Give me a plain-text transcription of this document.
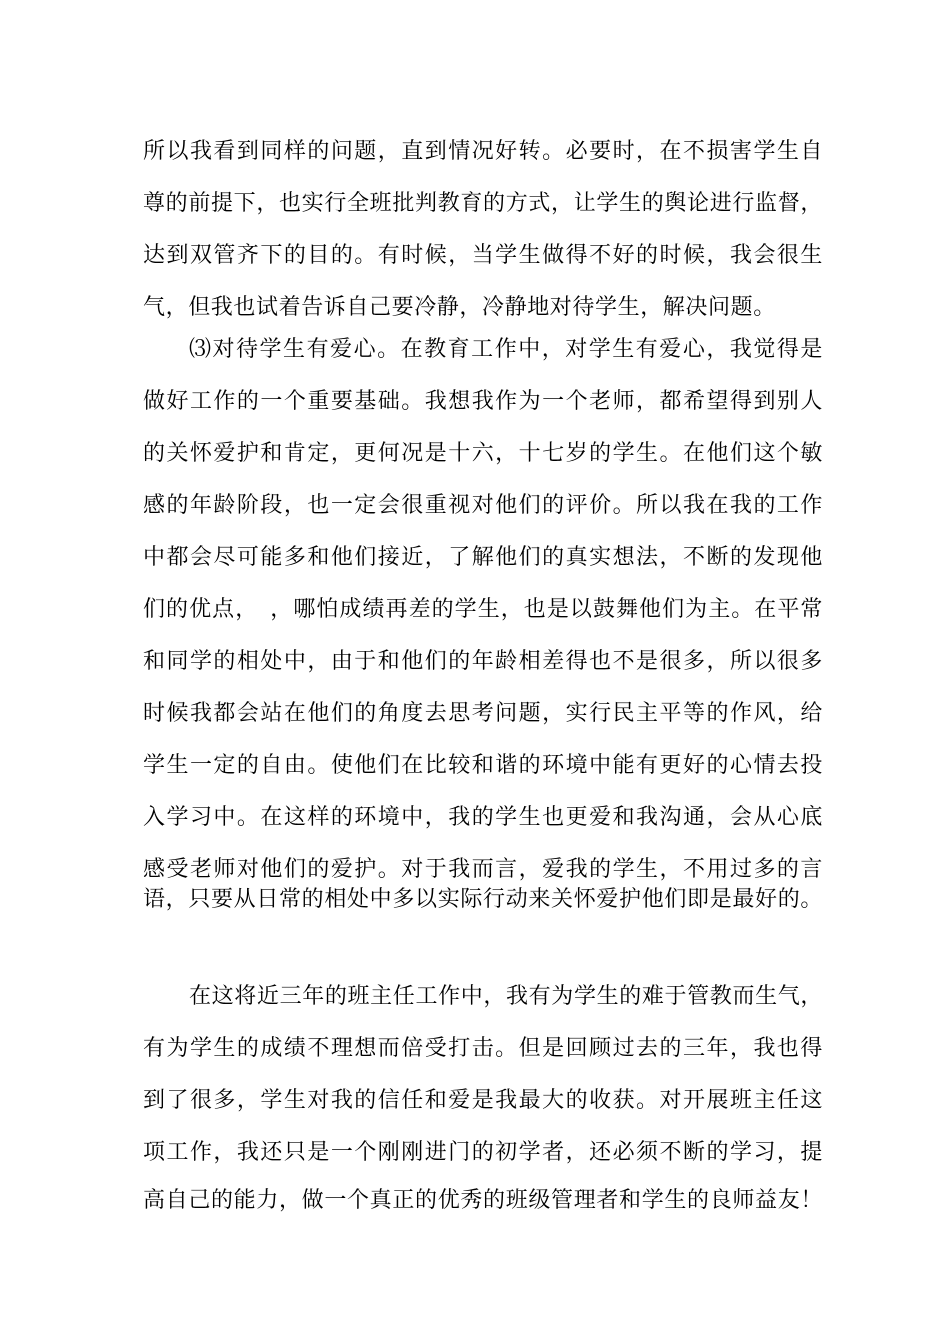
所以我看到同样的问题，直到情况好转。必要时，在不损害学生自
尊的前提下，也实行全班批判教育的方式，让学生的舆论进行监督，
达到双管齐下的目的。有时候，当学生做得不好的时候，我会很生
气，但我也试着告诉自己要冷静，冷静地对待学生，解决问题。
⑶对待学生有爱心。在教育工作中，对学生有爱心，我觉得是
做好工作的一个重要基础。我想我作为一个老师，都希望得到别人
的关怀爱护和肯定，更何况是十六，十七岁的学生。在他们这个敏
感的年龄阶段，也一定会很重视对他们的评价。所以我在我的工作
中都会尽可能多和他们接近，了解他们的真实想法，不断的发现他
们的优点，　，哪怕成绩再差的学生，也是以鼓舞他们为主。在平常
和同学的相处中，由于和他们的年龄相差得也不是很多，所以很多
时候我都会站在他们的角度去思考问题，实行民主平等的作风，给
学生一定的自由。使他们在比较和谐的环境中能有更好的心情去投
入学习中。在这样的环境中，我的学生也更爱和我沟通，会从心底
感受老师对他们的爱护。对于我而言，爱我的学生，不用过多的言
语，只要从日常的相处中多以实际行动来关怀爱护他们即是最好的。
在这将近三年的班主任工作中，我有为学生的难于管教而生气，
有为学生的成绩不理想而倍受打击。但是回顾过去的三年，我也得
到了很多，学生对我的信任和爱是我最大的收获。对开展班主任这
项工作，我还只是一个刚刚进门的初学者，还必须不断的学习，提
高自己的能力，做一个真正的优秀的班级管理者和学生的良师益友！
